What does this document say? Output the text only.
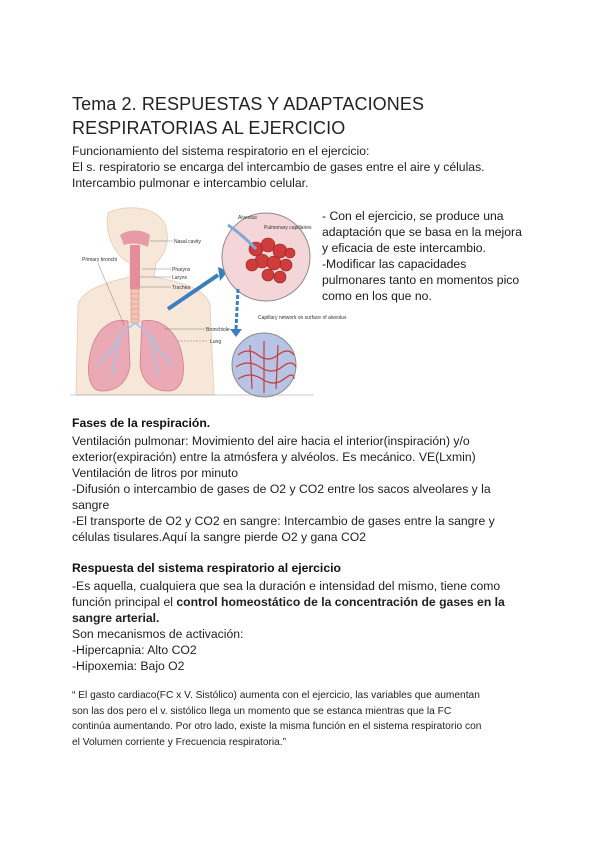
Tema 2. RESPUESTAS Y ADAPTACIONES
RESPIRATORIAS AL EJERCICIO
Funcionamiento del sistema respiratorio en el ejercicio:
El s. respiratorio se encarga del intercambio de gases entre el aire y células.
Intercambio pulmonar e intercambio celular.
Primary bronchi
Nasal cavity
Pharynx
Larynx
Trachea
Bronchiole
Lung
Alveolus
Pulmonary capillaries
Capillary network on surface of alveolus
- Con el ejercicio, se produce una
adaptación que se basa en la mejora
y eficacia de este intercambio.
-Modificar las capacidades
pulmonares tanto en momentos pico
como en los que no.
Fases de la respiración.
Ventilación pulmonar: Movimiento del aire hacia el interior(inspiración) y/o
exterior(expiración) entre la atmósfera y alvéolos. Es mecánico. VE(Lxmin)
Ventilación de litros por minuto
-Difusión o intercambio de gases de O2 y CO2 entre los sacos alveolares y la
sangre
-El transporte de O2 y CO2 en sangre: Intercambio de gases entre la sangre y
células tisulares.Aquí la sangre pierde O2 y gana CO2
Respuesta del sistema respiratorio al ejercicio
-Es aquella, cualquiera que sea la duración e intensidad del mismo, tiene como
función principal el control homeostático de la concentración de gases en la
sangre arterial.
Son mecanismos de activación:
-Hipercapnia: Alto CO2
-Hipoxemia: Bajo O2
“ El gasto cardiaco(FC x V. Sistólico) aumenta con el ejercicio, las variables que aumentan
son las dos pero el v. sistólico llega un momento que se estanca mientras que la FC
continúa aumentando. Por otro lado, existe la misma función en el sistema respiratorio con
el Volumen corriente y Frecuencia respiratoria.”
